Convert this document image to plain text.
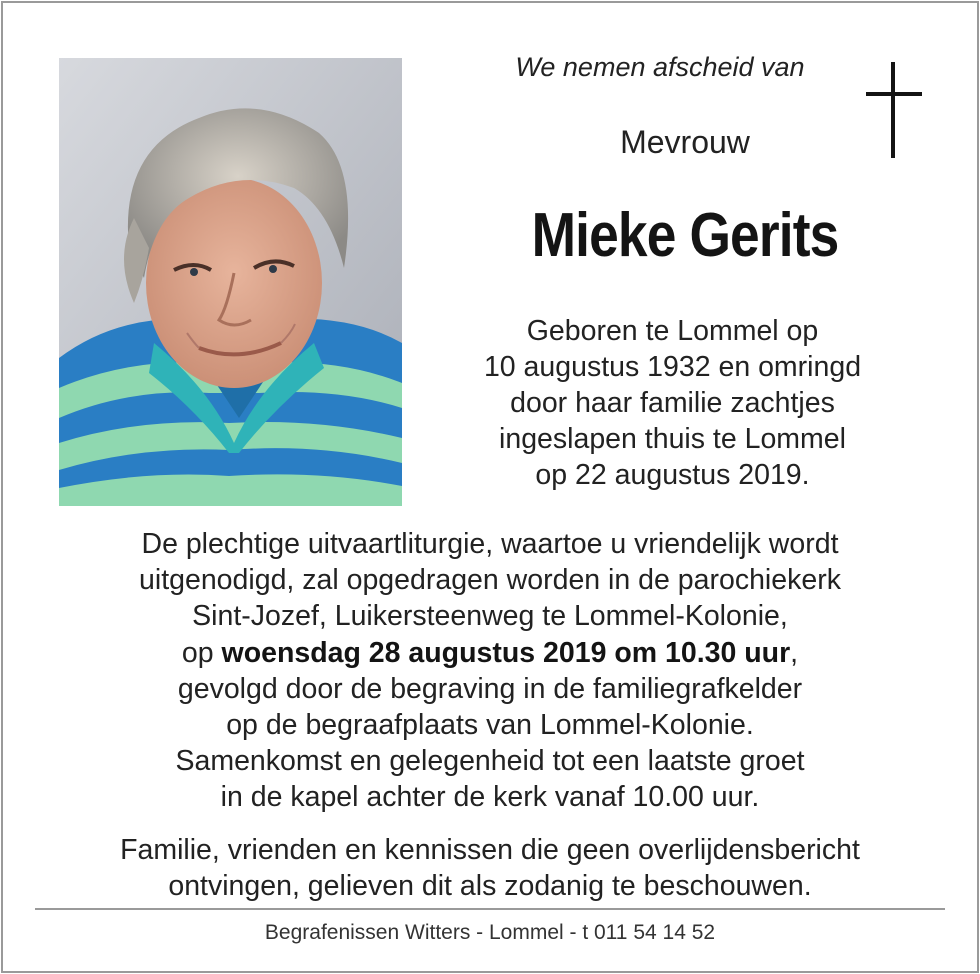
We nemen afscheid van
Mevrouw
Mieke Gerits
Geboren te Lommel op
10 augustus 1932 en omringd
door haar familie zachtjes
ingeslapen thuis te Lommel
op 22 augustus 2019.
De plechtige uitvaartliturgie, waartoe u vriendelijk wordt
uitgenodigd, zal opgedragen worden in de parochiekerk
Sint-Jozef, Luikersteenweg te Lommel-Kolonie,
op woensdag 28 augustus 2019 om 10.30 uur,
gevolgd door de begraving in de familiegrafkelder
op de begraafplaats van Lommel-Kolonie.
Samenkomst en gelegenheid tot een laatste groet
in de kapel achter de kerk vanaf 10.00 uur.
Familie, vrienden en kennissen die geen overlijdensbericht
ontvingen, gelieven dit als zodanig te beschouwen.
Begrafenissen Witters - Lommel - t 011 54 14 52
